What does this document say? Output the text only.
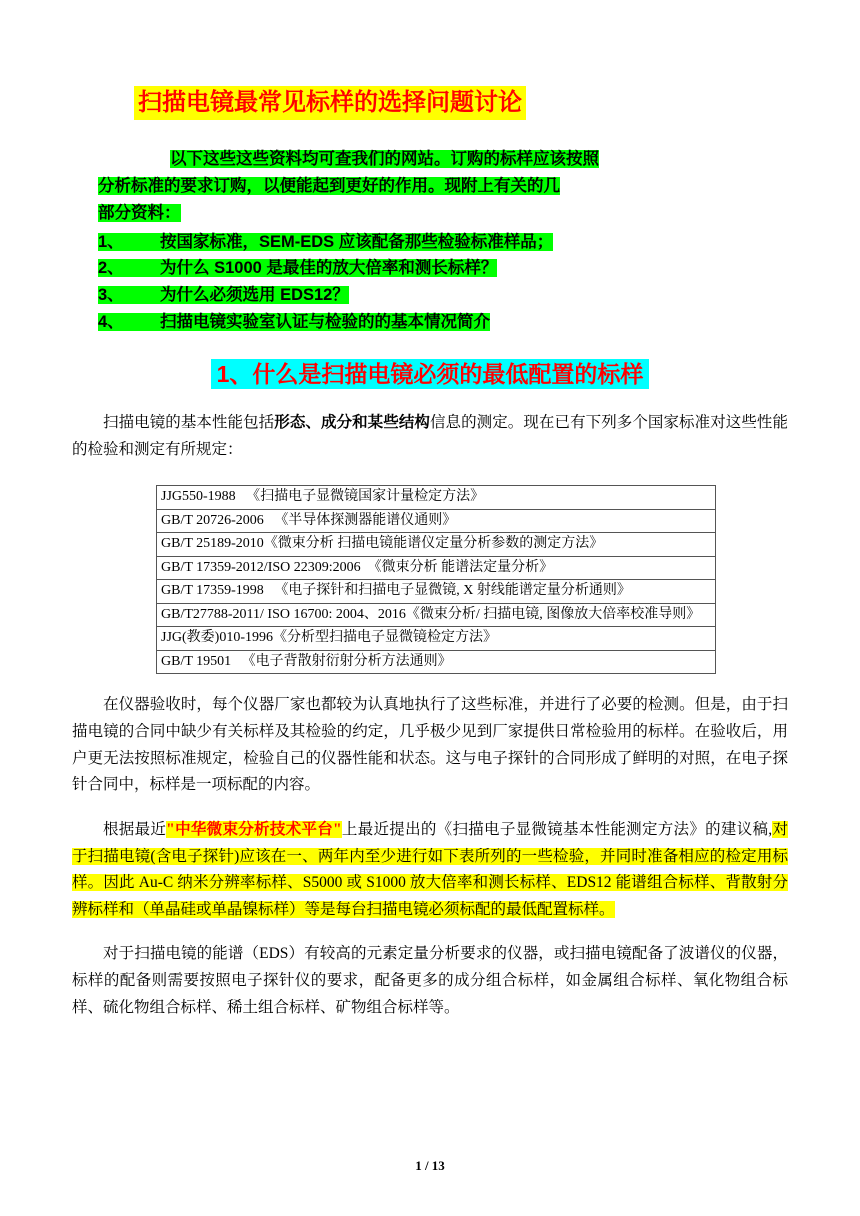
扫描电镜最常见标样的选择问题讨论
以下这些这些资料均可查我们的网站。订购的标样应该按照
分析标准的要求订购，以便能起到更好的作用。现附上有关的几
部分资料：
1、 按国家标准，SEM-EDS 应该配备那些检验标准样品；
2、 为什么 S1000 是最佳的放大倍率和测长标样？
3、 为什么必须选用 EDS12？
4、 扫描电镜实验室认证与检验的的基本情况简介
1、什么是扫描电镜必须的最低配置的标样

扫描电镜的基本性能包括形态、成分和某些结构信息的测定。现在已有下列多个国家标准对这些性能的检验和测定有所规定：

JJG550-1988 《扫描电子显微镜国家计量检定方法》
GB/T 20726-2006 《半导体探测器能谱仪通则》
GB/T 25189-2010《微束分析 扫描电镜能谱仪定量分析参数的测定方法》
GB/T 17359-2012/ISO 22309:2006 《微束分析 能谱法定量分析》
GB/T 17359-1998 《电子探针和扫描电子显微镜, X 射线能谱定量分析通则》
GB/T27788-2011/ ISO 16700: 2004、2016《微束分析/ 扫描电镜, 图像放大倍率校准导则》
JJG(教委)010-1996《分析型扫描电子显微镜检定方法》
GB/T 19501 《电子背散射衍射分析方法通则》

在仪器验收时，每个仪器厂家也都较为认真地执行了这些标准，并进行了必要的检测。但是，由于扫描电镜的合同中缺少有关标样及其检验的约定，几乎极少见到厂家提供日常检验用的标样。在验收后，用户更无法按照标准规定，检验自己的仪器性能和状态。这与电子探针的合同形成了鲜明的对照，在电子探针合同中，标样是一项标配的内容。

根据最近"中华微束分析技术平台"上最近提出的《扫描电子显微镜基本性能测定方法》的建议稿,对于扫描电镜(含电子探针)应该在一、两年内至少进行如下表所列的一些检验，并同时准备相应的检定用标样。因此 Au-C 纳米分辨率标样、S5000 或 S1000 放大倍率和测长标样、EDS12 能谱组合标样、背散射分辨标样和（单晶硅或单晶镍标样）等是每台扫描电镜必须标配的最低配置标样。

对于扫描电镜的能谱（EDS）有较高的元素定量分析要求的仪器，或扫描电镜配备了波谱仪的仪器，标样的配备则需要按照电子探针仪的要求，配备更多的成分组合标样，如金属组合标样、氧化物组合标样、硫化物组合标样、稀土组合标样、矿物组合标样等。

1 / 13
